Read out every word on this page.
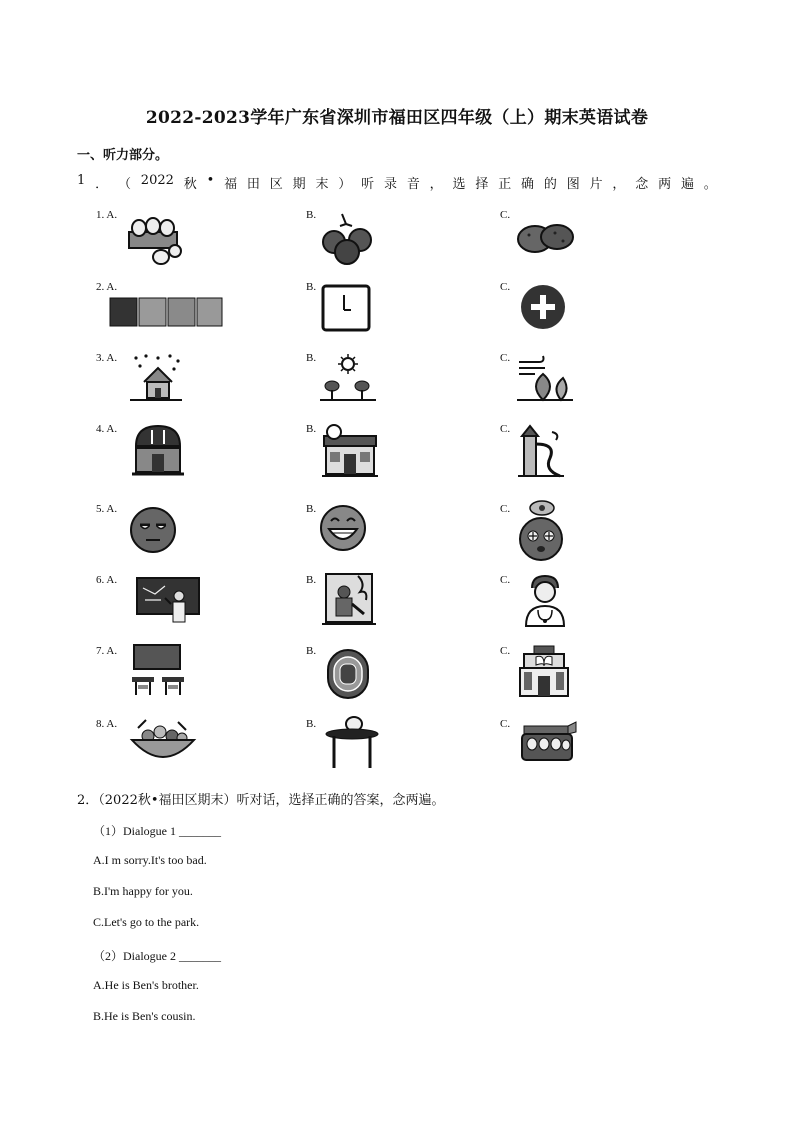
2022-2023学年广东省深圳市福田区四年级（上）期末英语试卷
一、听力部分。
1 ． （ 2022 秋 • 福 田 区 期 末 ） 听 录 音 ， 选 择 正 确 的 图 片 ， 念 两 遍 。
1. A.	B.	C.
2. A.	B.	C.
3. A.	B.	C.
4. A.	B.	C.
5. A.	B.	C.
6. A.	B.	C.
7. A.	B.	C.
8. A.	B.	C.
2．（2022秋•福田区期末）听对话，选择正确的答案，念两遍。
（1）Dialogue 1 _______
A.I m sorry.It's too bad.
B.I'm happy for you.
C.Let's go to the park.
（2）Dialogue 2 _______
A.He is Ben's brother.
B.He is Ben's cousin.
